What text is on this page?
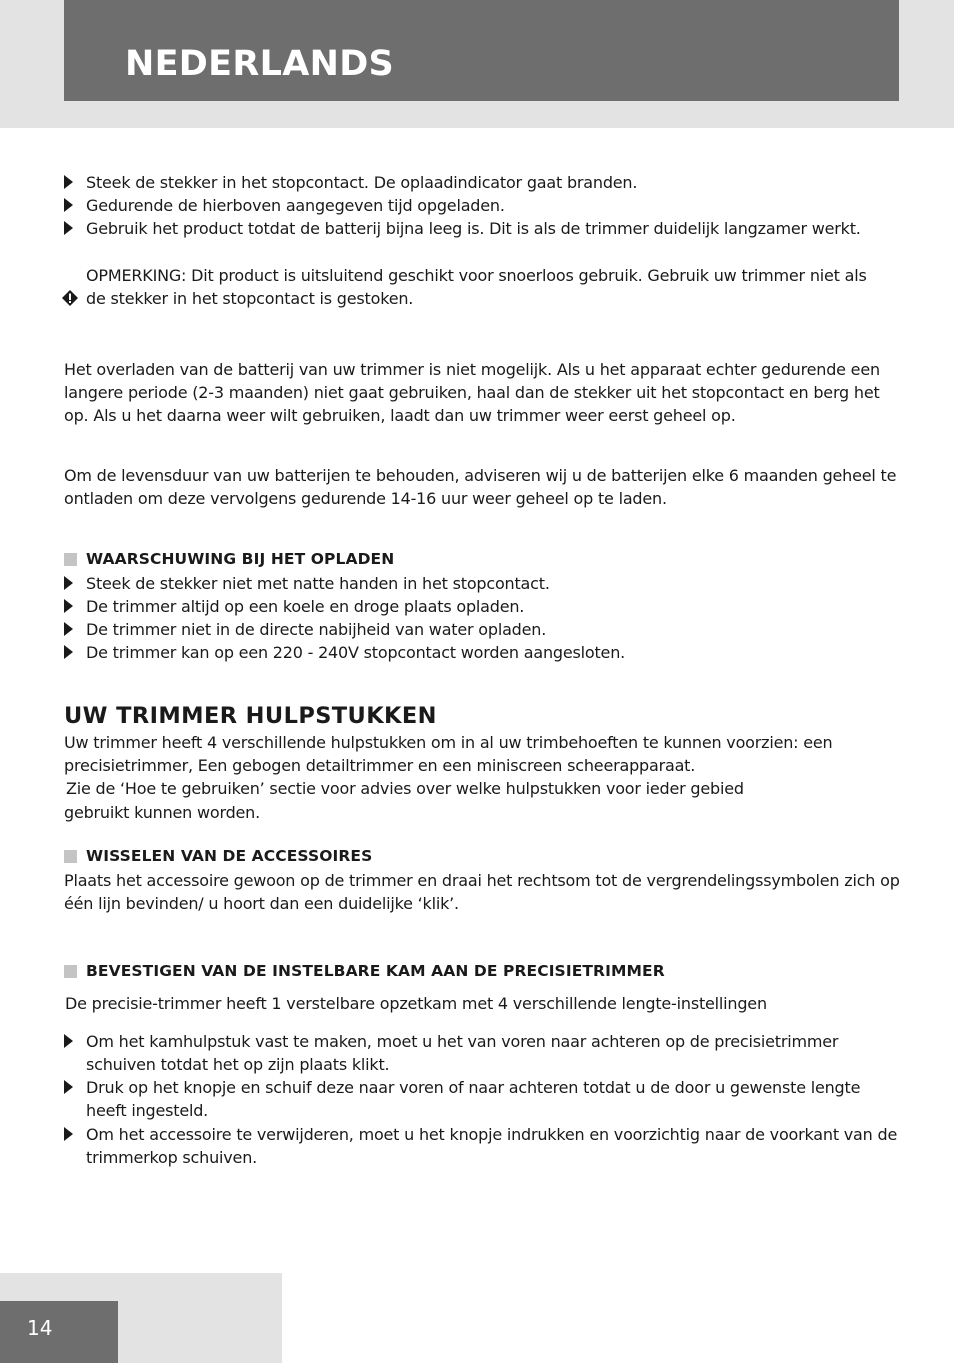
NEDERLANDS
Steek de stekker in het stopcontact. De oplaadindicator gaat branden.
Gedurende de hierboven aangegeven tijd opgeladen.
Gebruik het product totdat de batterij bijna leeg is. Dit is als de trimmer duidelijk langzamer werkt.
OPMERKING: Dit product is uitsluitend geschikt voor snoerloos gebruik. Gebruik uw trimmer niet als
de stekker in het stopcontact is gestoken.
Het overladen van de batterij van uw trimmer is niet mogelijk. Als u het apparaat echter gedurende een langere periode (2-3 maanden) niet gaat gebruiken, haal dan de stekker uit het stopcontact en berg het op. Als u het daarna weer wilt gebruiken, laadt dan uw trimmer weer eerst geheel op.
Om de levensduur van uw batterijen te behouden, adviseren wij u de batterijen elke 6 maanden geheel te ontladen om deze vervolgens gedurende 14-16 uur weer geheel op te laden.
WAARSCHUWING BIJ HET OPLADEN
Steek de stekker niet met natte handen in het stopcontact.
De trimmer altijd op een koele en droge plaats opladen.
De trimmer niet in de directe nabijheid van water opladen.
De trimmer kan op een 220 - 240V stopcontact worden aangesloten.
UW TRIMMER HULPSTUKKEN
Uw trimmer heeft 4 verschillende hulpstukken om in al uw trimbehoeften te kunnen voorzien: een precisietrimmer, Een gebogen detailtrimmer en een miniscreen scheerapparaat.
Zie de ‘Hoe te gebruiken’ sectie voor advies over welke hulpstukken voor ieder gebied
gebruikt kunnen worden.
WISSELEN VAN DE ACCESSOIRES
Plaats het accessoire gewoon op de trimmer en draai het rechtsom tot de vergrendelingssymbolen zich op één lijn bevinden/ u hoort dan een duidelijke ‘klik’.
BEVESTIGEN VAN DE INSTELBARE KAM AAN DE PRECISIETRIMMER
De precisie-trimmer heeft 1 verstelbare opzetkam met 4 verschillende lengte-instellingen
Om het kamhulpstuk vast te maken, moet u het van voren naar achteren op de precisietrimmer schuiven totdat het op zijn plaats klikt.
Druk op het knopje en schuif deze naar voren of naar achteren totdat u de door u gewenste lengte heeft ingesteld.
Om het accessoire te verwijderen, moet u het knopje indrukken en voorzichtig naar de voorkant van de trimmerkop schuiven.
14
